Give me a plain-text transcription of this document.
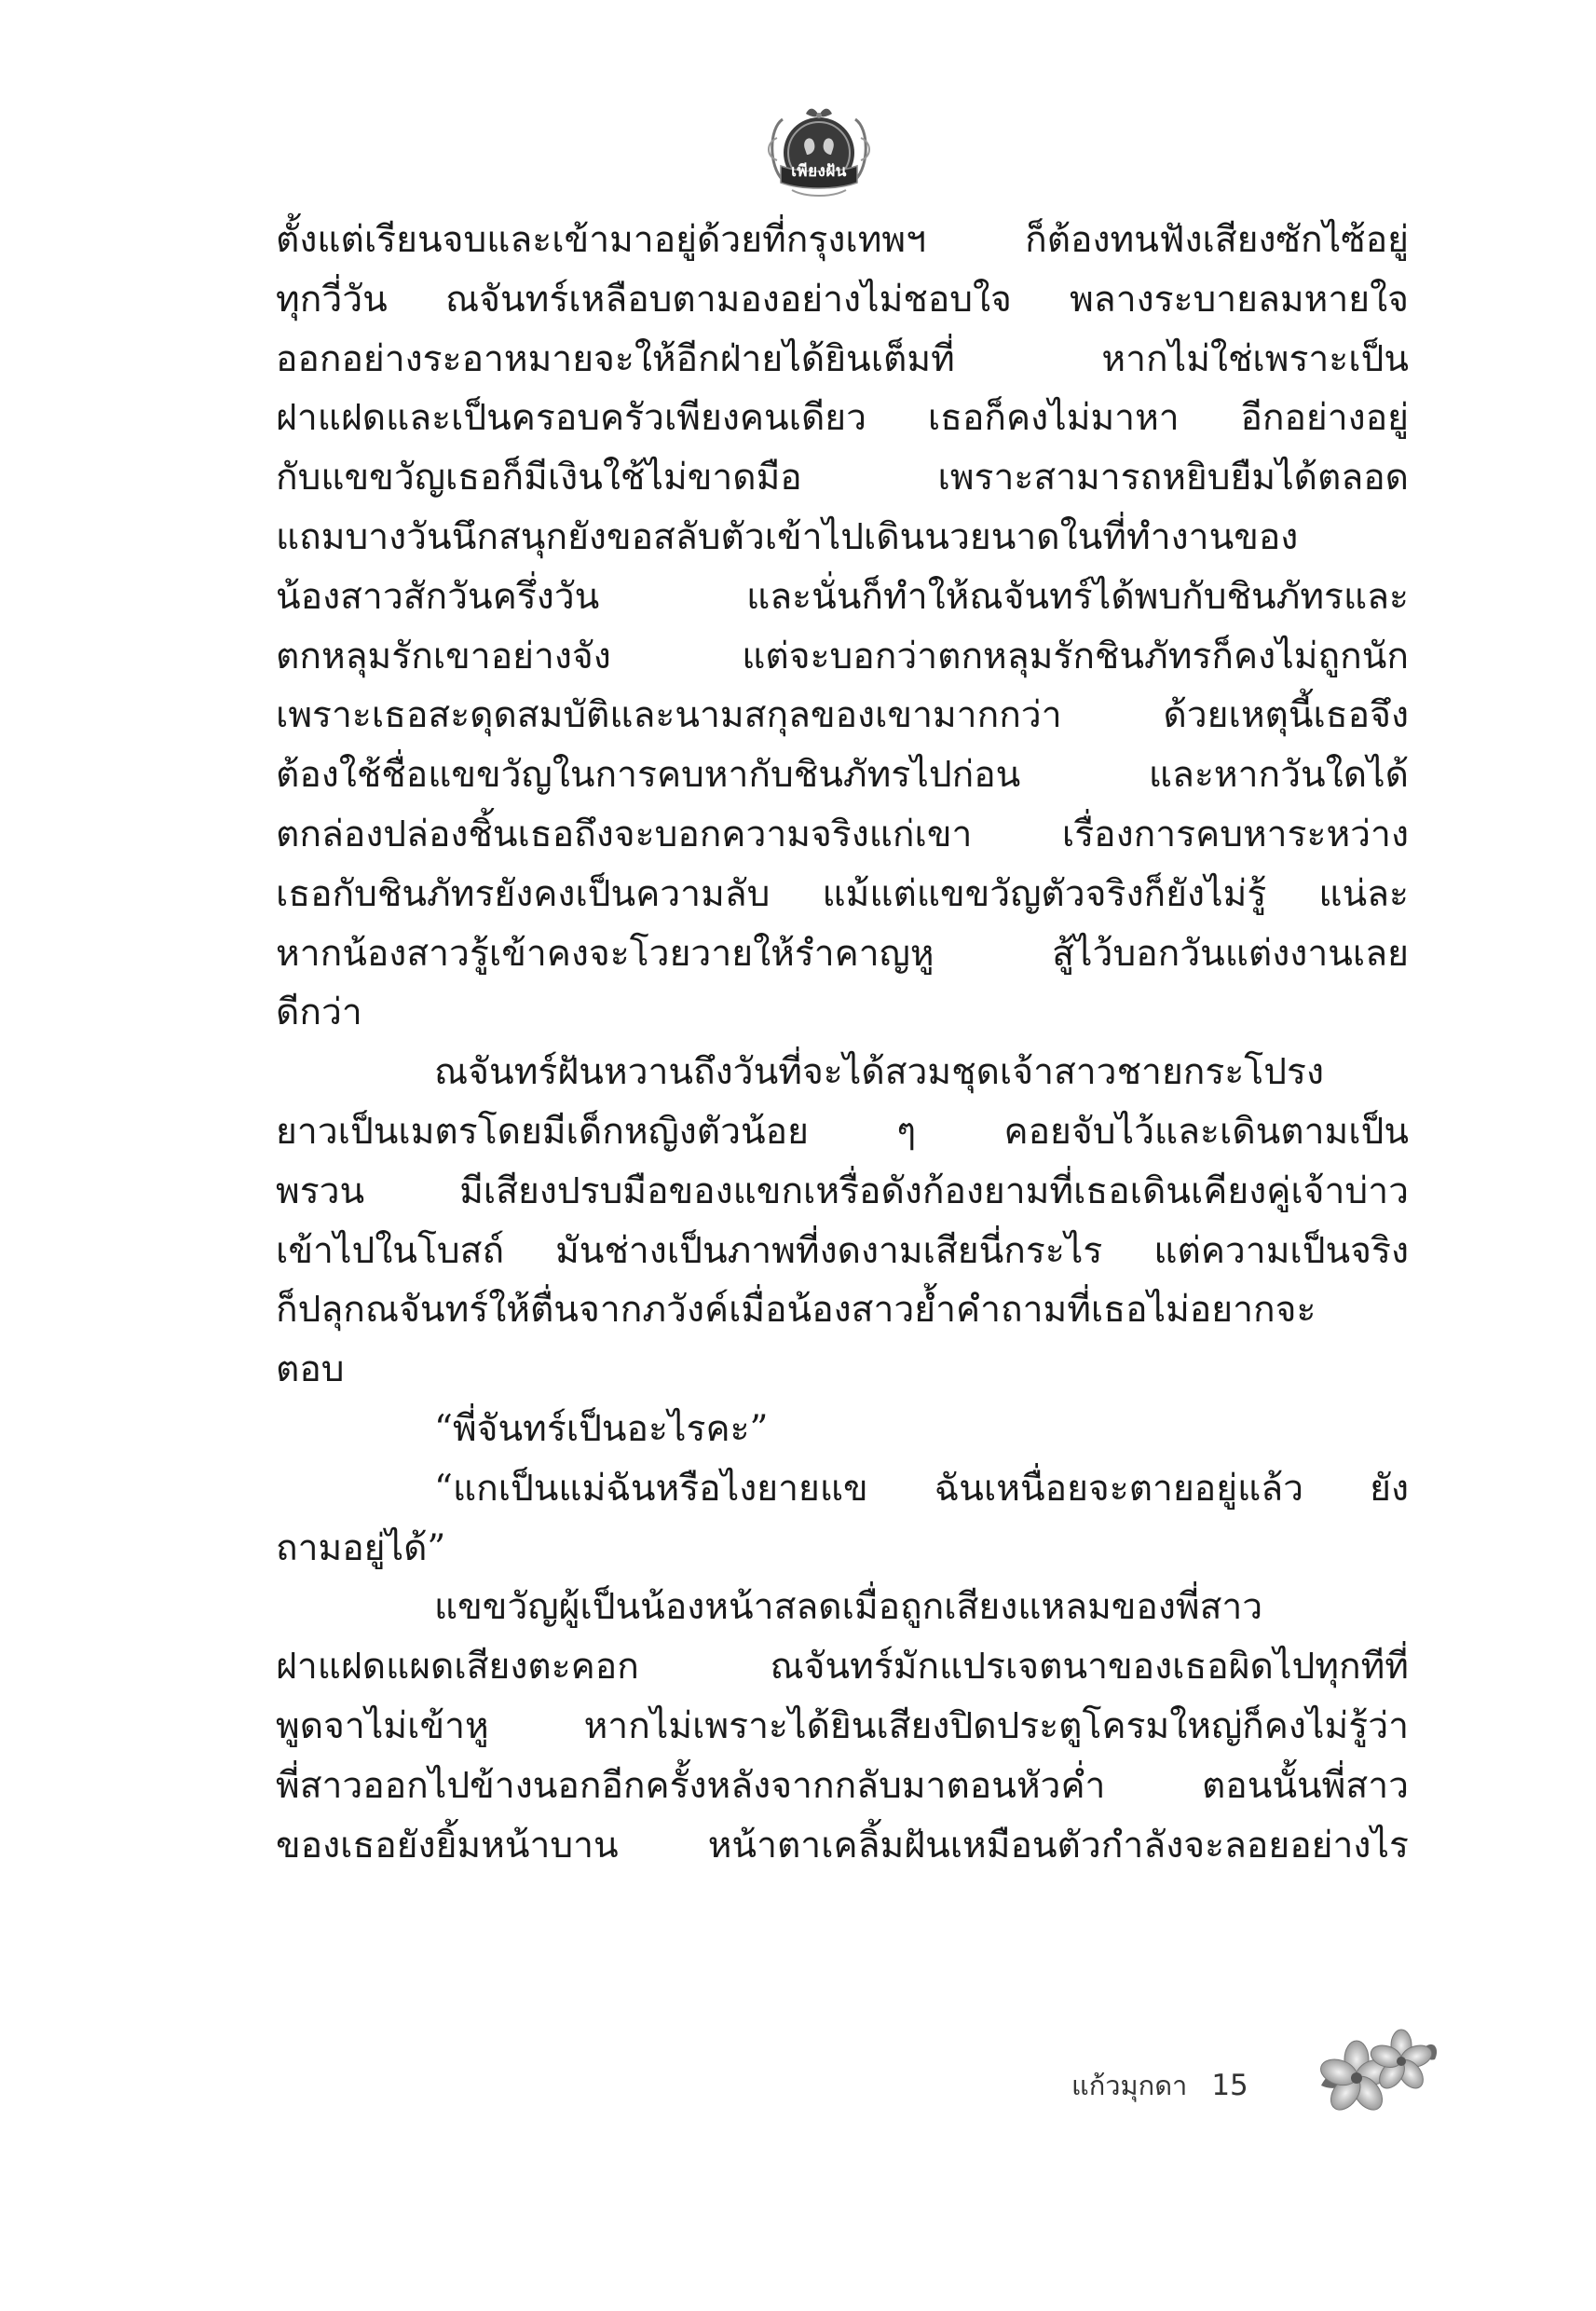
เพียงฝัน
ตั้งแต่เรียนจบและเข้ามาอยู่ด้วยที่กรุงเทพฯ ก็ต้องทนฟังเสียงซักไซ้อยู่
ทุกวี่วัน ณจันทร์เหลือบตามองอย่างไม่ชอบใจ พลางระบายลมหายใจ
ออกอย่างระอาหมายจะให้อีกฝ่ายได้ยินเต็มที่ หากไม่ใช่เพราะเป็น
ฝาแฝดและเป็นครอบครัวเพียงคนเดียว เธอก็คงไม่มาหา อีกอย่างอยู่
กับแขขวัญเธอก็มีเงินใช้ไม่ขาดมือ เพราะสามารถหยิบยืมได้ตลอด
แถมบางวันนึกสนุกยังขอสลับตัวเข้าไปเดินนวยนาดในที่ทำงานของ
น้องสาวสักวันครึ่งวัน และนั่นก็ทำให้ณจันทร์ได้พบกับชินภัทรและ
ตกหลุมรักเขาอย่างจัง แต่จะบอกว่าตกหลุมรักชินภัทรก็คงไม่ถูกนัก
เพราะเธอสะดุดสมบัติและนามสกุลของเขามากกว่า ด้วยเหตุนี้เธอจึง
ต้องใช้ชื่อแขขวัญในการคบหากับชินภัทรไปก่อน และหากวันใดได้
ตกล่องปล่องชิ้นเธอถึงจะบอกความจริงแก่เขา เรื่องการคบหาระหว่าง
เธอกับชินภัทรยังคงเป็นความลับ แม้แต่แขขวัญตัวจริงก็ยังไม่รู้ แน่ละ
หากน้องสาวรู้เข้าคงจะโวยวายให้รำคาญหู สู้ไว้บอกวันแต่งงานเลย
ดีกว่า
ณจันทร์ฝันหวานถึงวันที่จะได้สวมชุดเจ้าสาวชายกระโปรง
ยาวเป็นเมตรโดยมีเด็กหญิงตัวน้อย ๆ คอยจับไว้และเดินตามเป็น
พรวน มีเสียงปรบมือของแขกเหรื่อดังก้องยามที่เธอเดินเคียงคู่เจ้าบ่าว
เข้าไปในโบสถ์ มันช่างเป็นภาพที่งดงามเสียนี่กระไร แต่ความเป็นจริง
ก็ปลุกณจันทร์ให้ตื่นจากภวังค์เมื่อน้องสาวย้ำคำถามที่เธอไม่อยากจะ
ตอบ
“พี่จันทร์เป็นอะไรคะ”
“แกเป็นแม่ฉันหรือไงยายแข ฉันเหนื่อยจะตายอยู่แล้ว ยัง
ถามอยู่ได้”
แขขวัญผู้เป็นน้องหน้าสลดเมื่อถูกเสียงแหลมของพี่สาว
ฝาแฝดแผดเสียงตะคอก ณจันทร์มักแปรเจตนาของเธอผิดไปทุกทีที่
พูดจาไม่เข้าหู หากไม่เพราะได้ยินเสียงปิดประตูโครมใหญ่ก็คงไม่รู้ว่า
พี่สาวออกไปข้างนอกอีกครั้งหลังจากกลับมาตอนหัวค่ำ ตอนนั้นพี่สาว
ของเธอยังยิ้มหน้าบาน หน้าตาเคลิ้มฝันเหมือนตัวกำลังจะลอยอย่างไร
แก้วมุกดา 15
